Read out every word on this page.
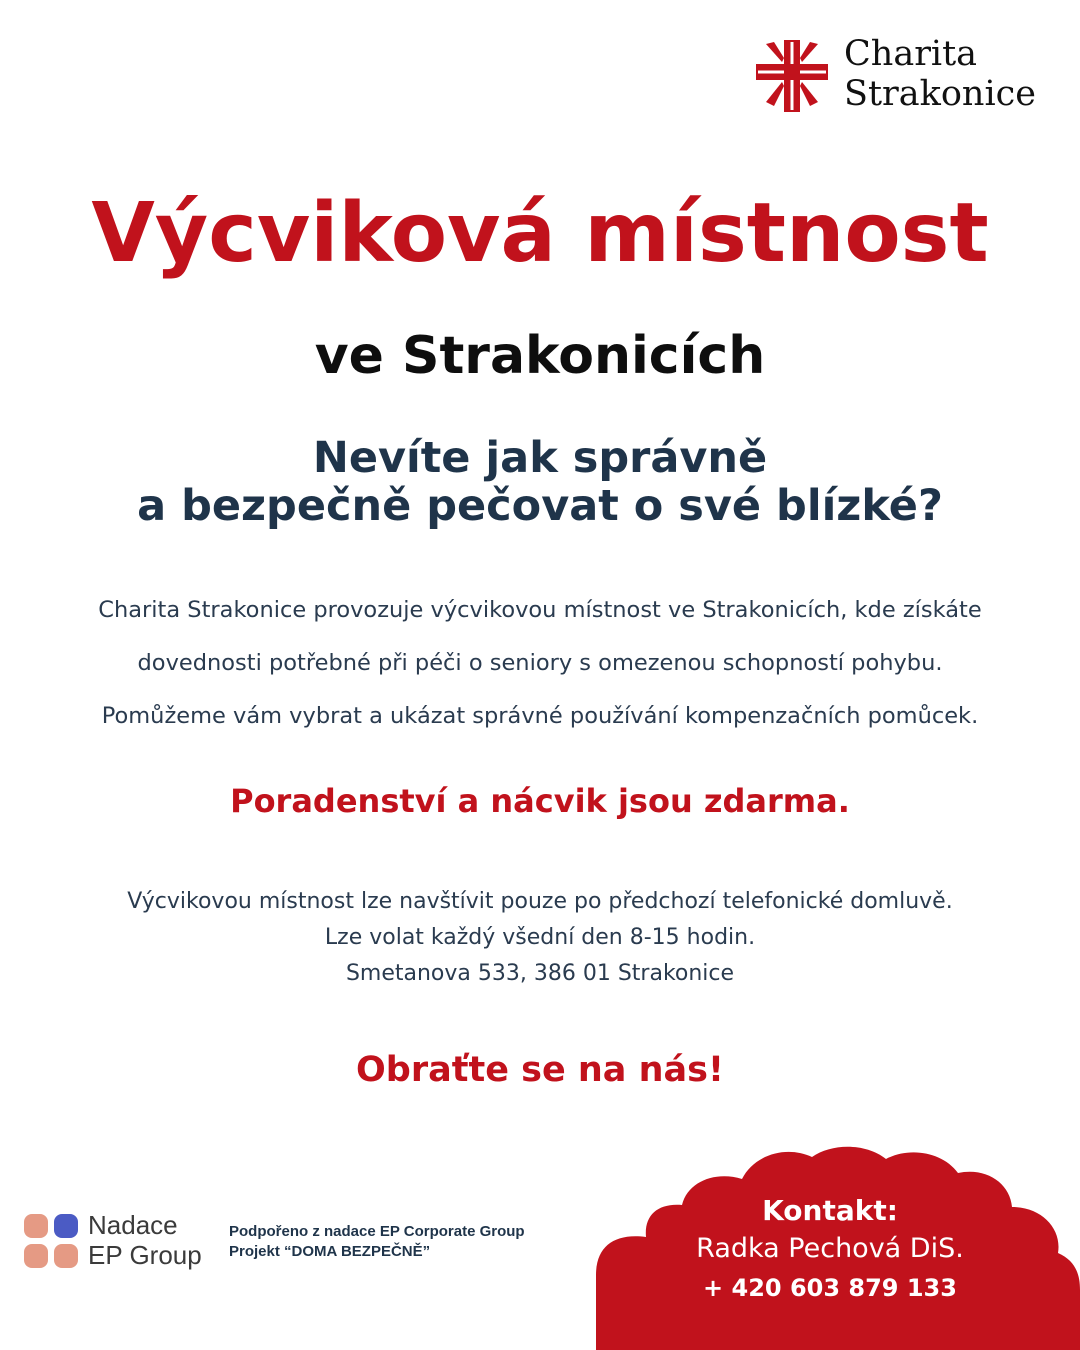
Charita
Strakonice
Výcviková místnost
ve Strakonicích
Nevíte jak správně
a bezpečně pečovat o své blízké?
Charita Strakonice provozuje výcvikovou místnost ve Strakonicích, kde získáte
dovednosti potřebné při péči o seniory s omezenou schopností pohybu.
Pomůžeme vám vybrat a ukázat správné používání kompenzačních pomůcek.
Poradenství a nácvik jsou zdarma.
Výcvikovou místnost lze navštívit pouze po předchozí telefonické domluvě.
Lze volat každý všední den 8-15 hodin.
Smetanova 533, 386 01 Strakonice
Obraťte se na nás!
Nadace
EP Group
Podpořeno z nadace EP Corporate Group
Projekt “DOMA BEZPEČNĚ”
Kontakt:
Radka Pechová DiS.
+ 420 603 879 133
